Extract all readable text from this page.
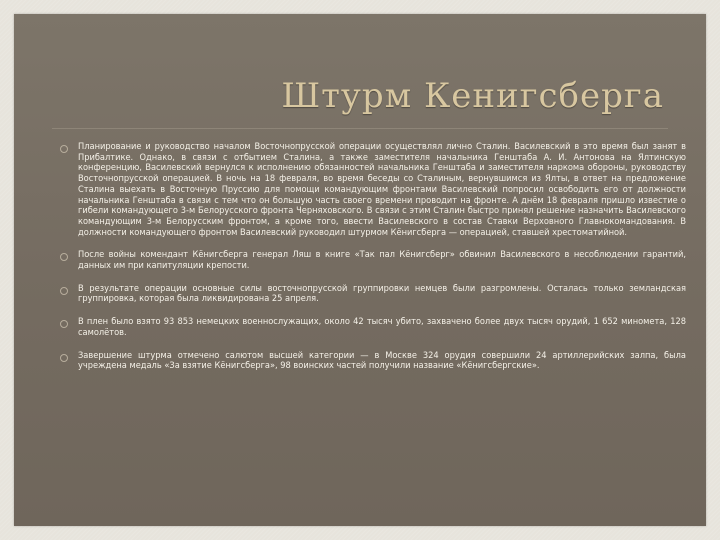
Штурм Кенигсберга
Планирование и руководство началом Восточнопрусской операции осуществлял лично Сталин. Василевский в это время был занят в Прибалтике. Однако, в связи с отбытием Сталина, а также заместителя начальника Генштаба А. И. Антонова на Ялтинскую конференцию, Василевский вернулся к исполнению обязанностей начальника Генштаба и заместителя наркома обороны, руководству Восточнопрусской операцией. В ночь на 18 февраля, во время беседы со Сталиным, вернувшимся из Ялты, в ответ на предложение Сталина выехать в Восточную Пруссию для помощи командующим фронтами Василевский попросил освободить его от должности начальника Генштаба в связи с тем что он большую часть своего времени проводит на фронте. А днём 18 февраля пришло известие о гибели командующего 3-м Белорусского фронта Черняховского. В связи с этим Сталин быстро принял решение назначить Василевского командующим 3-м Белорусским фронтом, а кроме того, ввести Василевского в состав Ставки Верховного Главнокомандования. В должности командующего фронтом Василевский руководил штурмом Кёнигсберга — операцией, ставшей хрестоматийной.
После войны комендант Кёнигсберга генерал Ляш в книге «Так пал Кёнигсберг» обвинил Василевского в несоблюдении гарантий, данных им при капитуляции крепости.
В результате операции основные силы восточнопрусской группировки немцев были разгромлены. Осталась только земландская группировка, которая была ликвидирована 25 апреля.
В плен было взято 93 853 немецких военнослужащих, около 42 тысяч убито, захвачено более двух тысяч орудий, 1 652 миномета, 128 самолётов.
Завершение штурма отмечено салютом высшей категории — в Москве 324 орудия совершили 24 артиллерийских залпа, была учреждена медаль «За взятие Кёнигсберга», 98 воинских частей получили название «Кёнигсбергские».
